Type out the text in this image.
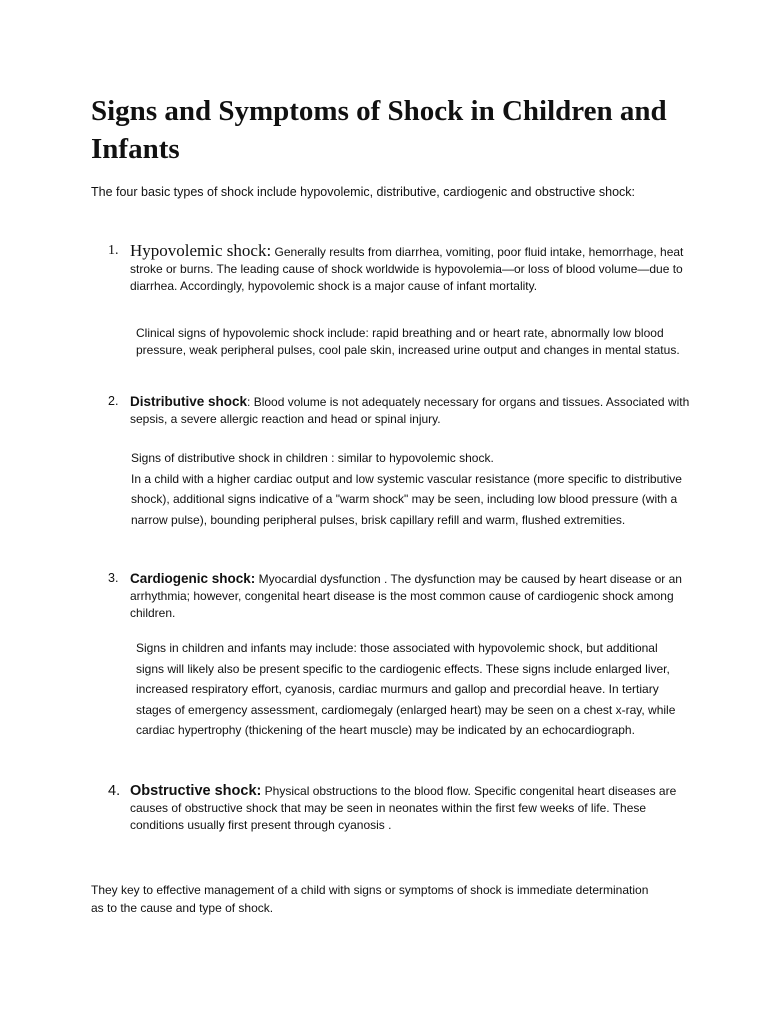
Signs and Symptoms of Shock in Children and Infants

The four basic types of shock include hypovolemic, distributive, cardiogenic and obstructive shock:

1. Hypovolemic shock: Generally results from diarrhea, vomiting, poor fluid intake, hemorrhage, heat stroke or burns. The leading cause of shock worldwide is hypovolemia—or loss of blood volume—due to diarrhea. Accordingly, hypovolemic shock is a major cause of infant mortality.

Clinical signs of hypovolemic shock include: rapid breathing and or heart rate, abnormally low blood pressure, weak peripheral pulses, cool pale skin, increased urine output and changes in mental status.

2. Distributive shock: Blood volume is not adequately necessary for organs and tissues. Associated with sepsis, a severe allergic reaction and head or spinal injury.

Signs of distributive shock in children : similar to hypovolemic shock.

In a child with a higher cardiac output and low systemic vascular resistance (more specific to distributive shock), additional signs indicative of a "warm shock" may be seen, including low blood pressure (with a narrow pulse), bounding peripheral pulses, brisk capillary refill and warm, flushed extremities.

3. Cardiogenic shock: Myocardial dysfunction . The dysfunction may be caused by heart disease or an arrhythmia; however, congenital heart disease is the most common cause of cardiogenic shock among children.

Signs in children and infants may include: those associated with hypovolemic shock, but additional signs will likely also be present specific to the cardiogenic effects. These signs include enlarged liver, increased respiratory effort, cyanosis, cardiac murmurs and gallop and precordial heave. In tertiary stages of emergency assessment, cardiomegaly (enlarged heart) may be seen on a chest x-ray, while cardiac hypertrophy (thickening of the heart muscle) may be indicated by an echocardiograph.

4. Obstructive shock: Physical obstructions to the blood flow. Specific congenital heart diseases are causes of obstructive shock that may be seen in neonates within the first few weeks of life. These conditions usually first present through cyanosis .

They key to effective management of a child with signs or symptoms of shock is immediate determination as to the cause and type of shock.
